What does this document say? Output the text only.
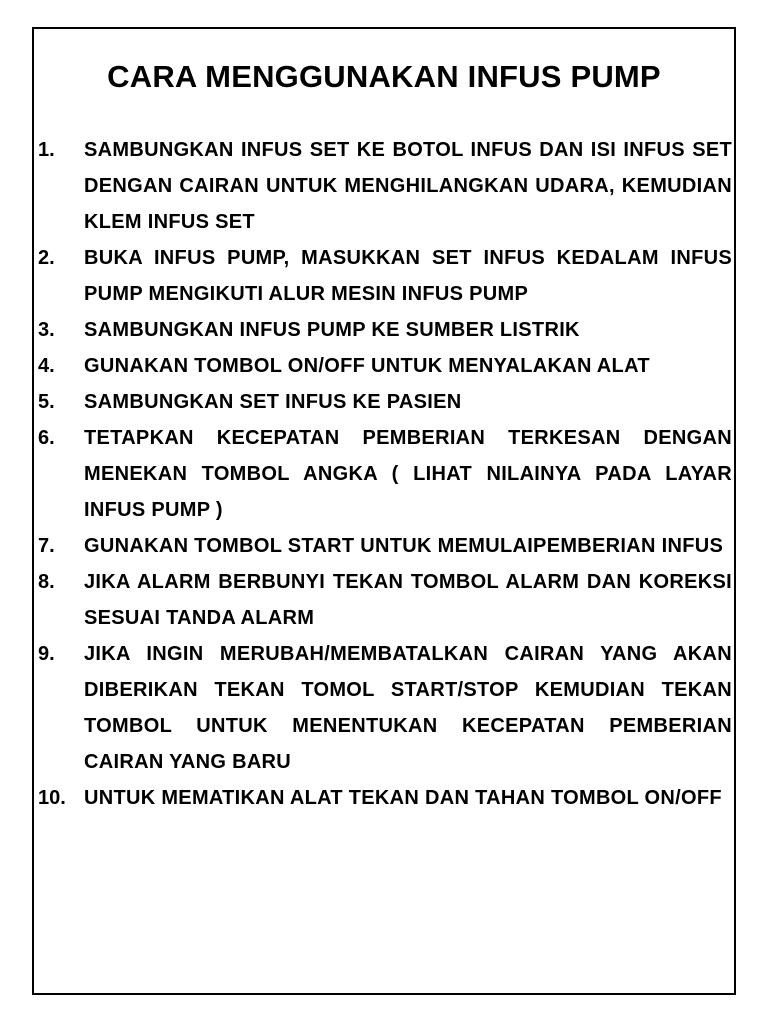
CARA MENGGUNAKAN INFUS PUMP
1.	SAMBUNGKAN INFUS SET KE BOTOL INFUS DAN ISI INFUS SET DENGAN CAIRAN UNTUK MENGHILANGKAN UDARA, KEMUDIAN KLEM INFUS SET
2.	BUKA INFUS PUMP, MASUKKAN SET INFUS KEDALAM INFUS PUMP MENGIKUTI ALUR MESIN INFUS PUMP
3.	SAMBUNGKAN INFUS PUMP KE SUMBER LISTRIK
4.	GUNAKAN TOMBOL ON/OFF UNTUK MENYALAKAN ALAT
5.	SAMBUNGKAN SET INFUS KE PASIEN
6.	TETAPKAN KECEPATAN PEMBERIAN TERKESAN DENGAN MENEKAN TOMBOL ANGKA ( LIHAT NILAINYA PADA LAYAR INFUS PUMP )
7.	GUNAKAN TOMBOL START UNTUK MEMULAIPEMBERIAN INFUS
8.	JIKA ALARM BERBUNYI TEKAN TOMBOL ALARM DAN KOREKSI SESUAI TANDA ALARM
9.	JIKA INGIN MERUBAH/MEMBATALKAN CAIRAN YANG AKAN DIBERIKAN TEKAN TOMOL START/STOP KEMUDIAN TEKAN TOMBOL UNTUK MENENTUKAN KECEPATAN PEMBERIAN CAIRAN YANG BARU
10. UNTUK MEMATIKAN ALAT TEKAN DAN TAHAN TOMBOL ON/OFF
